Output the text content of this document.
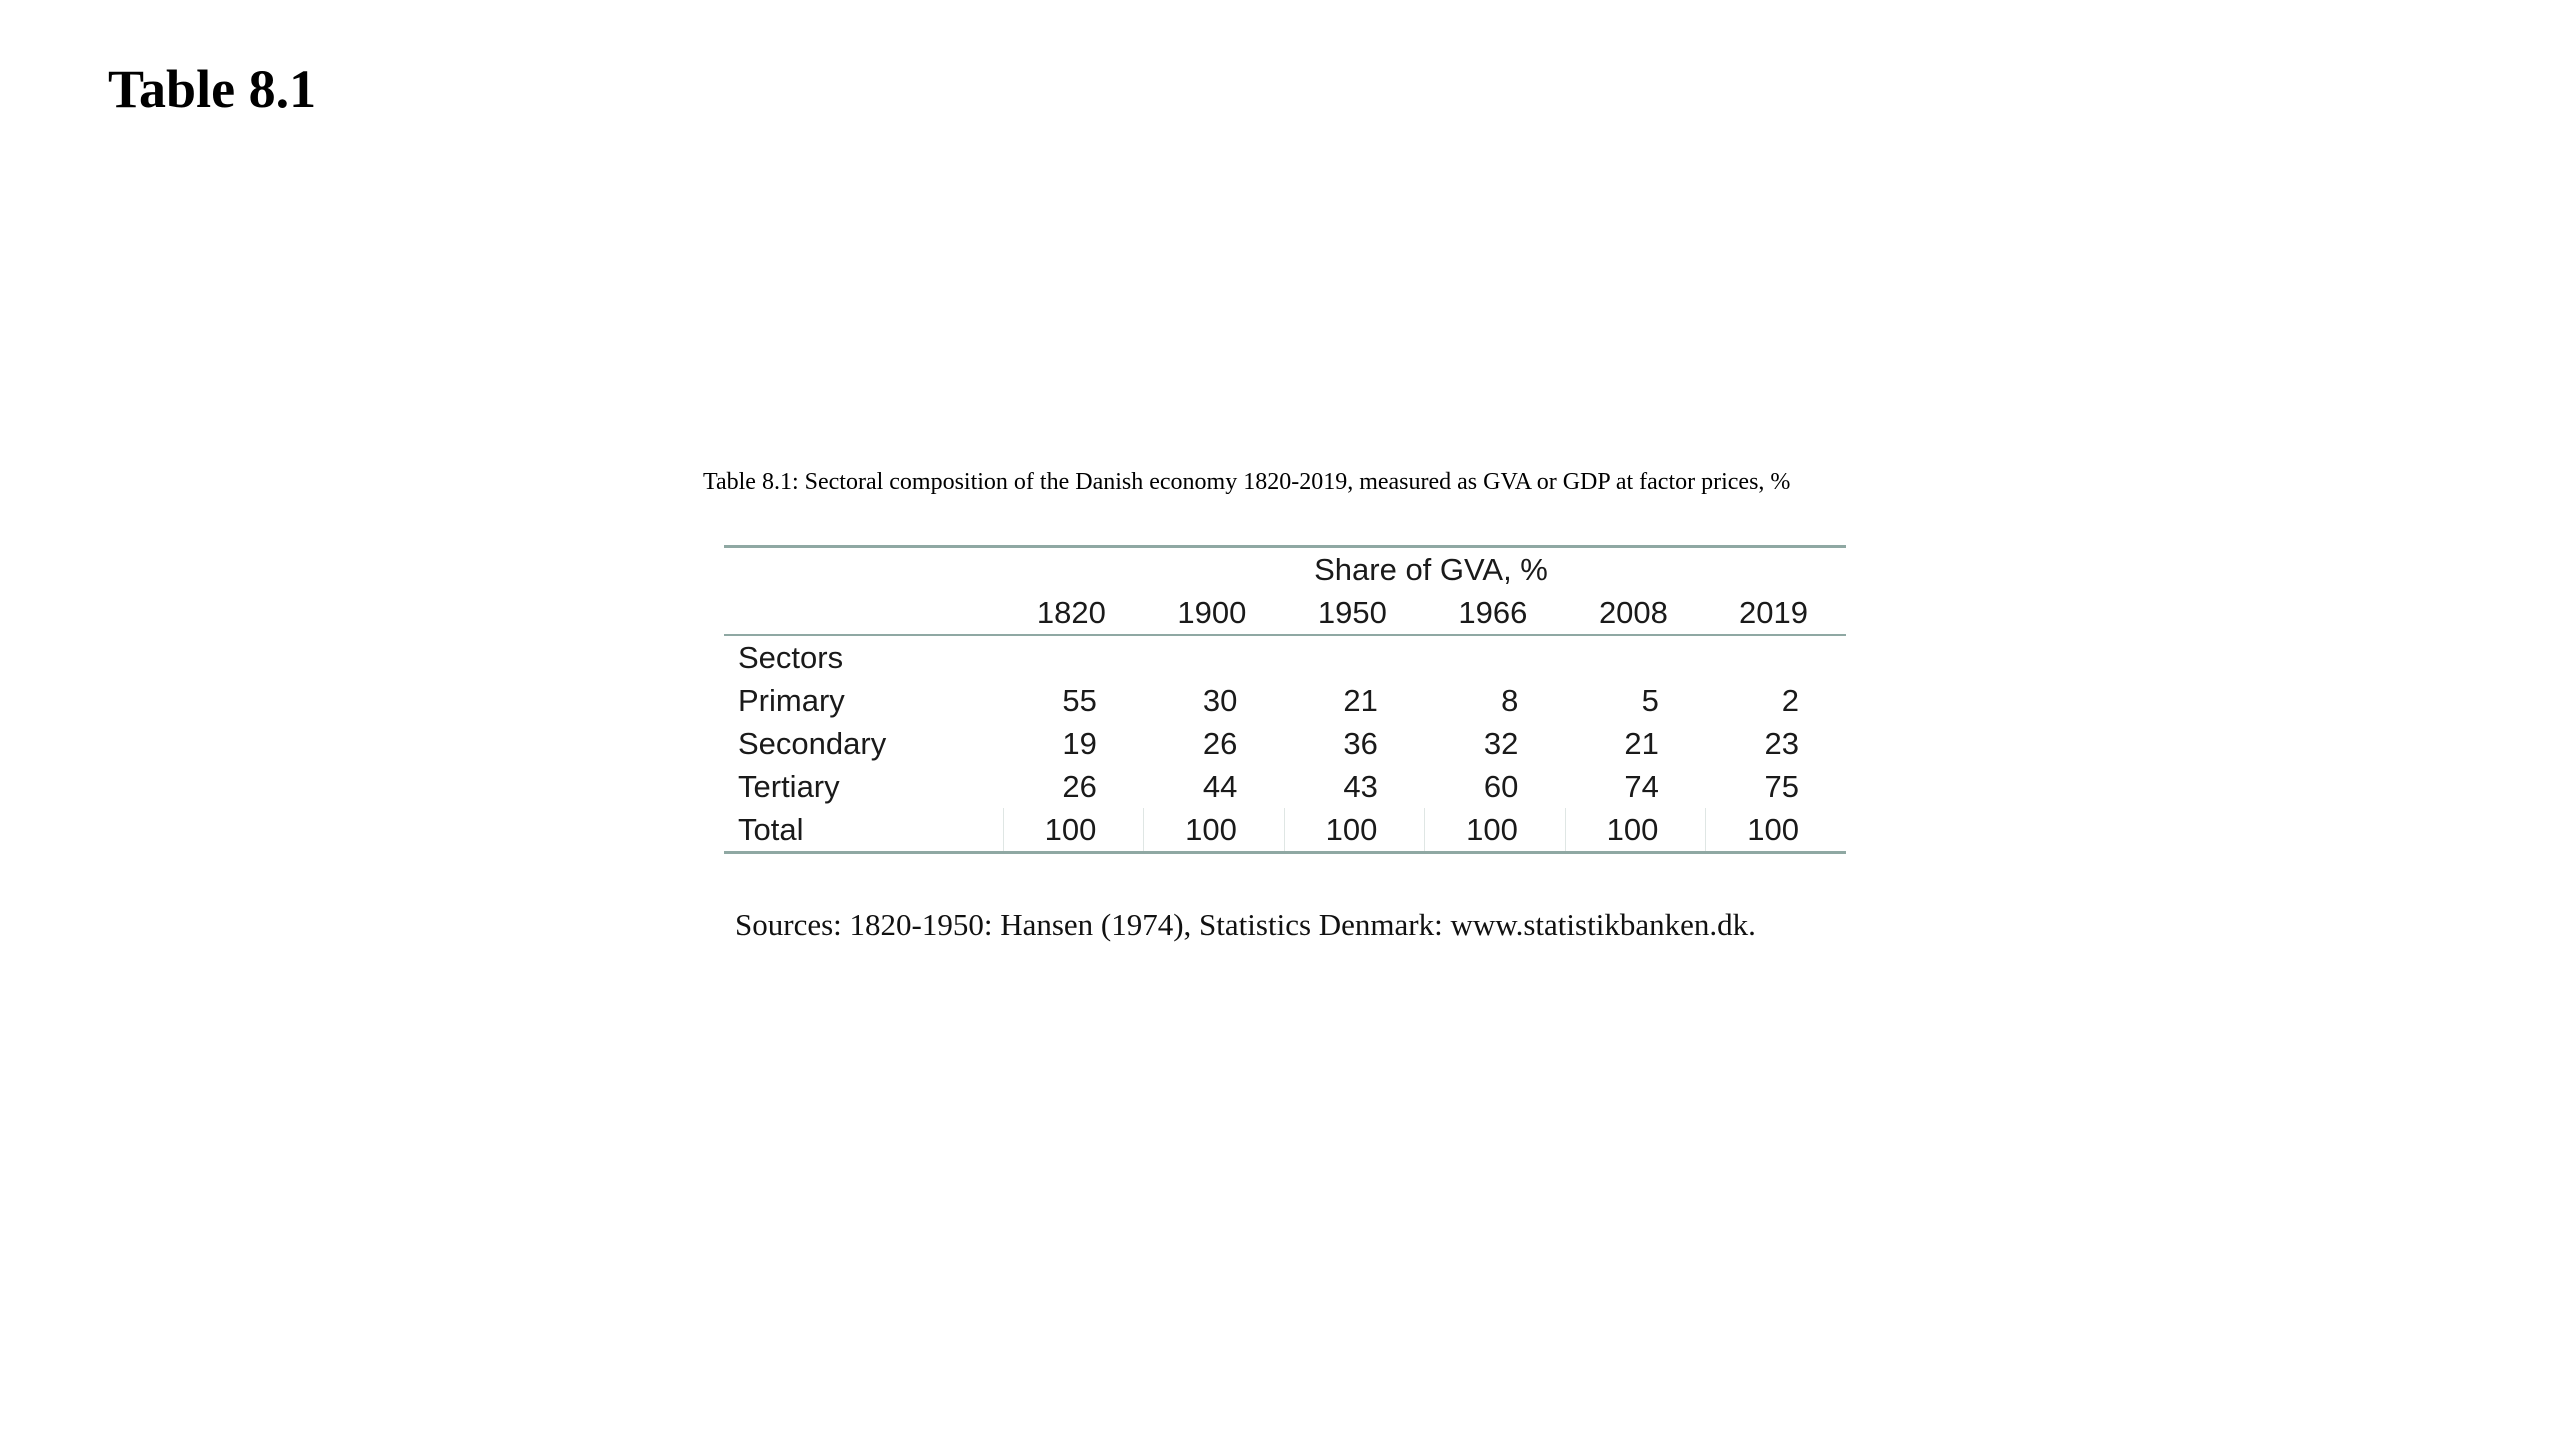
Table 8.1

Table 8.1: Sectoral composition of the Danish economy 1820-2019, measured as GVA or GDP at factor prices, %

Share of GVA, %						
	1820	1900	1950	1966	2008	2019
Sectors						
Primary	55	30	21	8	5	2
Secondary	19	26	36	32	21	23
Tertiary	26	44	43	60	74	75
Total	100	100	100	100	100	100

Sources: 1820-1950: Hansen (1974), Statistics Denmark: www.statistikbanken.dk.
